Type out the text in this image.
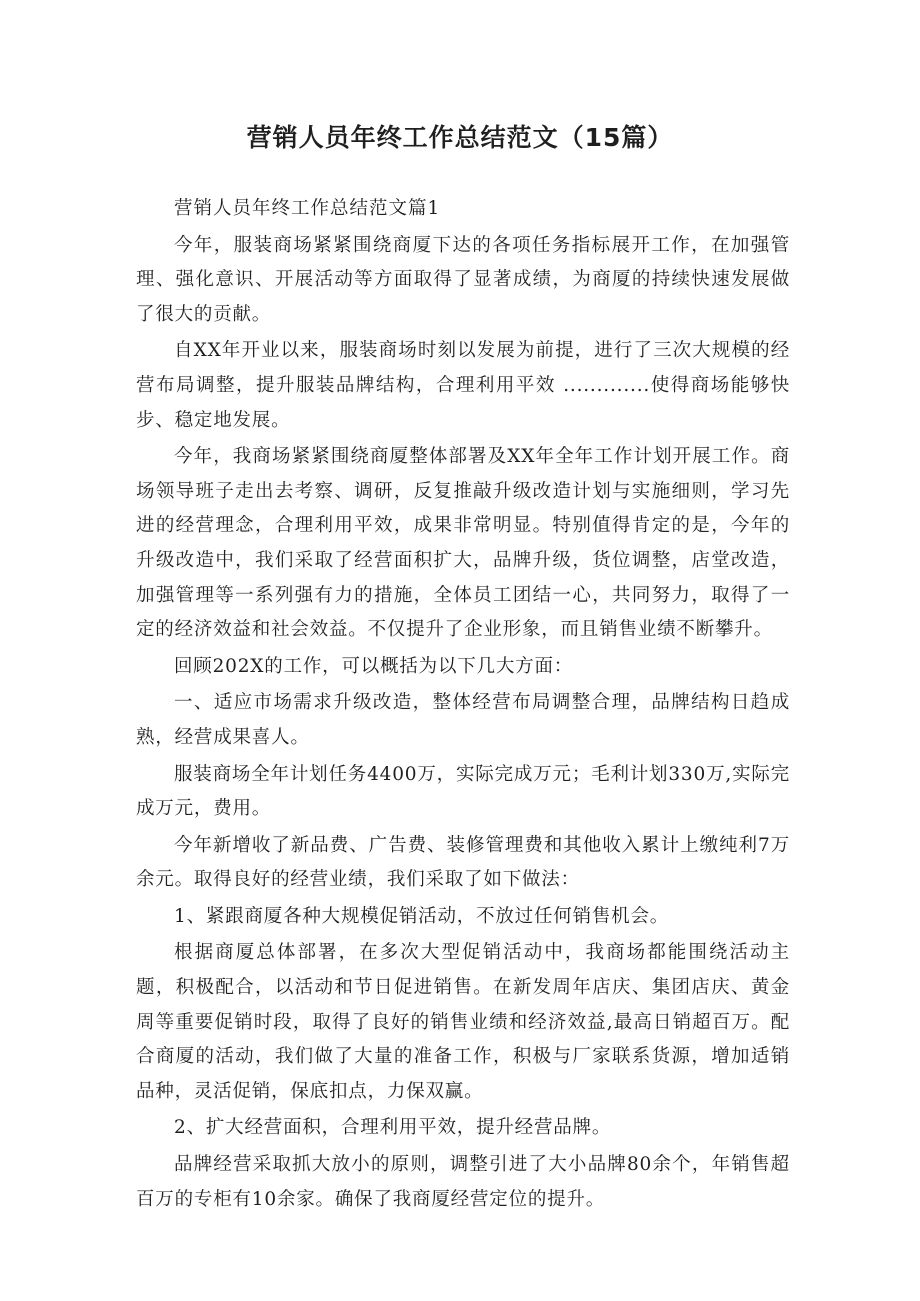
营销人员年终工作总结范文（15篇）

营销人员年终工作总结范文篇1

今年，服装商场紧紧围绕商厦下达的各项任务指标展开工作，在加强管理、强化意识、开展活动等方面取得了显著成绩，为商厦的持续快速发展做了很大的贡献。

自XX年开业以来，服装商场时刻以发展为前提，进行了三次大规模的经营布局调整，提升服装品牌结构，合理利用平效 .............使得商场能够快步、稳定地发展。

今年，我商场紧紧围绕商厦整体部署及XX年全年工作计划开展工作。商场领导班子走出去考察、调研，反复推敲升级改造计划与实施细则，学习先进的经营理念，合理利用平效，成果非常明显。特别值得肯定的是，今年的升级改造中，我们采取了经营面积扩大，品牌升级，货位调整，店堂改造，加强管理等一系列强有力的措施，全体员工团结一心，共同努力，取得了一定的经济效益和社会效益。不仅提升了企业形象，而且销售业绩不断攀升。

回顾202X的工作，可以概括为以下几大方面：

一、适应市场需求升级改造，整体经营布局调整合理，品牌结构日趋成熟，经营成果喜人。

服装商场全年计划任务4400万，实际完成万元；毛利计划330万,实际完成万元，费用。

今年新增收了新品费、广告费、装修管理费和其他收入累计上缴纯利7万余元。取得良好的经营业绩，我们采取了如下做法：

1、紧跟商厦各种大规模促销活动，不放过任何销售机会。

根据商厦总体部署，在多次大型促销活动中，我商场都能围绕活动主题，积极配合，以活动和节日促进销售。在新发周年店庆、集团店庆、黄金周等重要促销时段，取得了良好的销售业绩和经济效益,最高日销超百万。配合商厦的活动，我们做了大量的准备工作，积极与厂家联系货源，增加适销品种，灵活促销，保底扣点，力保双赢。

2、扩大经营面积，合理利用平效，提升经营品牌。

品牌经营采取抓大放小的原则，调整引进了大小品牌80余个，年销售超百万的专柜有10余家。确保了我商厦经营定位的提升。
